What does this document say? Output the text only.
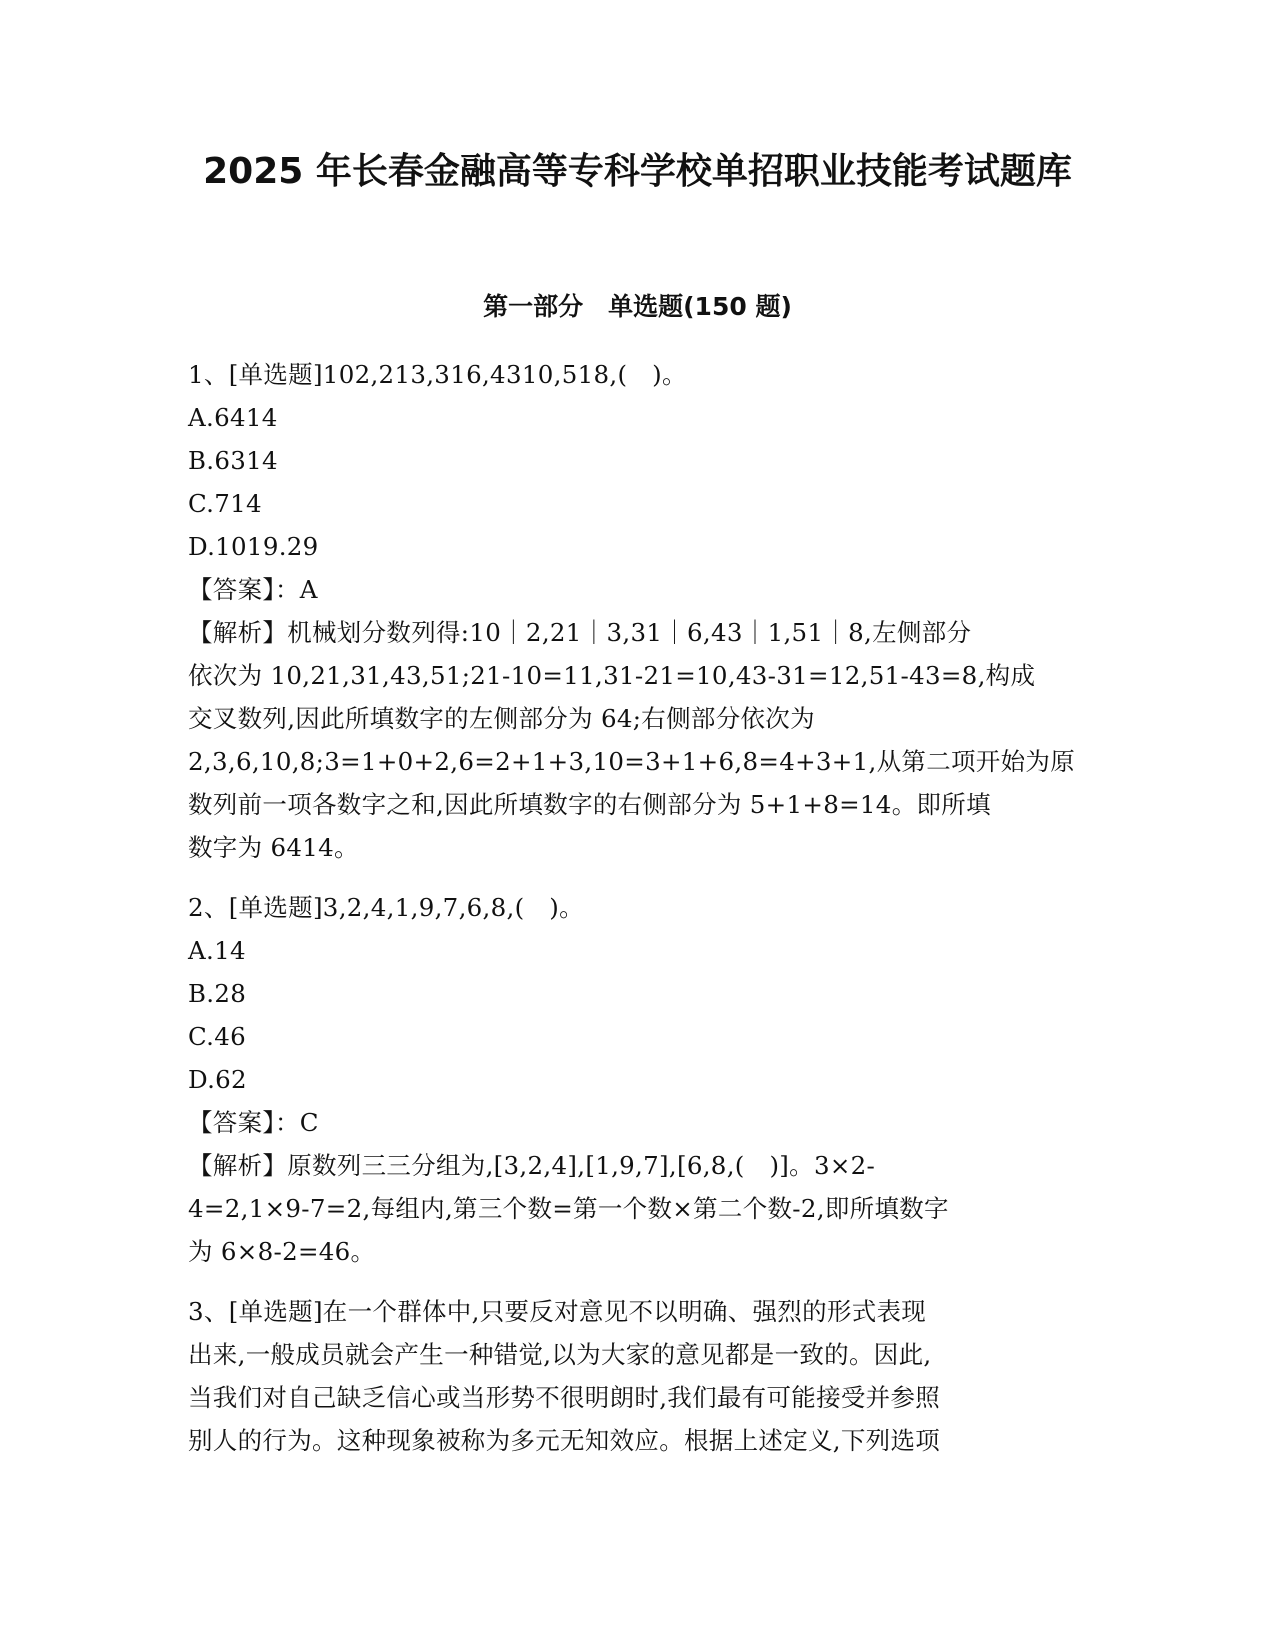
2025 年长春金融高等专科学校单招职业技能考试题库
第一部分　单选题(150 题)
1、[单选题]102,213,316,4310,518,(　)。
A.6414
B.6314
C.714
D.1019.29
【答案】：A
【解析】机械划分数列得:10｜2,21｜3,31｜6,43｜1,51｜8,左侧部分
依次为 10,21,31,43,51;21-10=11,31-21=10,43-31=12,51-43=8,构成
交叉数列,因此所填数字的左侧部分为 64;右侧部分依次为
2,3,6,10,8;3=1+0+2,6=2+1+3,10=3+1+6,8=4+3+1,从第二项开始为原
数列前一项各数字之和,因此所填数字的右侧部分为 5+1+8=14。即所填
数字为 6414。
2、[单选题]3,2,4,1,9,7,6,8,(　)。
A.14
B.28
C.46
D.62
【答案】：C
【解析】原数列三三分组为,[3,2,4],[1,9,7],[6,8,(　)]。3×2-
4=2,1×9-7=2,每组内,第三个数=第一个数×第二个数-2,即所填数字
为 6×8-2=46。
3、[单选题]在一个群体中,只要反对意见不以明确、强烈的形式表现
出来,一般成员就会产生一种错觉,以为大家的意见都是一致的。因此,
当我们对自己缺乏信心或当形势不很明朗时,我们最有可能接受并参照
别人的行为。这种现象被称为多元无知效应。根据上述定义,下列选项
